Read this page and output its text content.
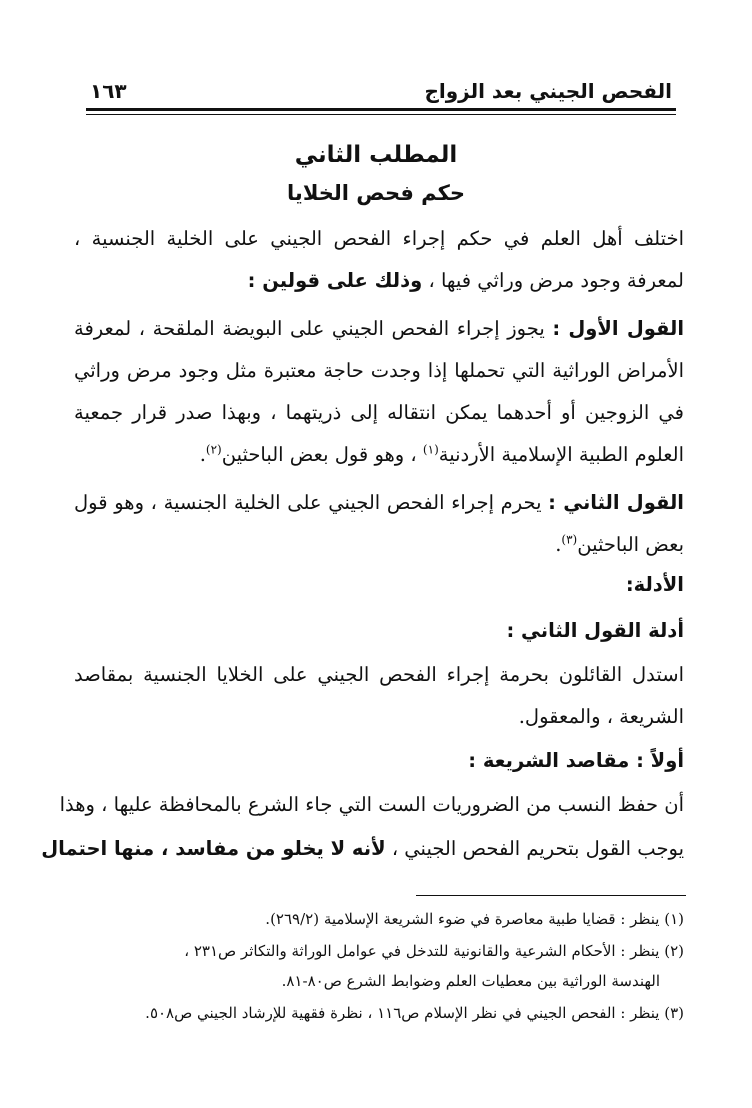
الفحص الجيني بعد الزواج
١٦٣
المطلب الثاني
حكم فحص الخلايا
اختلف أهل العلم في حكم إجراء الفحص الجيني على الخلية الجنسية ،
لمعرفة وجود مرض وراثي فيها ، وذلك على قولين :
القول الأول : يجوز إجراء الفحص الجيني على البويضة الملقحة ، لمعرفة
الأمراض الوراثية التي تحملها إذا وجدت حاجة معتبرة مثل وجود مرض وراثي
في الزوجين أو أحدهما يمكن انتقاله إلى ذريتهما ، وبهذا صدر قرار جمعية
العلوم الطبية الإسلامية الأردنية$^{(١)}$ ، وهو قول بعض الباحثين$^{(٢)}$.
القول الثاني : يحرم إجراء الفحص الجيني على الخلية الجنسية ، وهو قول
بعض الباحثين$^{(٣)}$.
الأدلة:
أدلة القول الثاني :
استدل القائلون بحرمة إجراء الفحص الجيني على الخلايا الجنسية بمقاصد
الشريعة ، والمعقول.
أولاً : مقاصد الشريعة :
أن حفظ النسب من الضروريات الست التي جاء الشرع بالمحافظة عليها ، وهذا
يوجب القول بتحريم الفحص الجيني ، لأنه لا يخلو من مفاسد ، منها احتمال
(١) ينظر : قضايا طبية معاصرة في ضوء الشريعة الإسلامية (٢٦٩/٢).
(٢) ينظر : الأحكام الشرعية والقانونية للتدخل في عوامل الوراثة والتكاثر ص٢٣١ ،
الهندسة الوراثية بين معطيات العلم وضوابط الشرع ص٨٠-٨١.
(٣) ينظر : الفحص الجيني في نظر الإسلام ص١١٦ ، نظرة فقهية للإرشاد الجيني ص٥٠٨.
